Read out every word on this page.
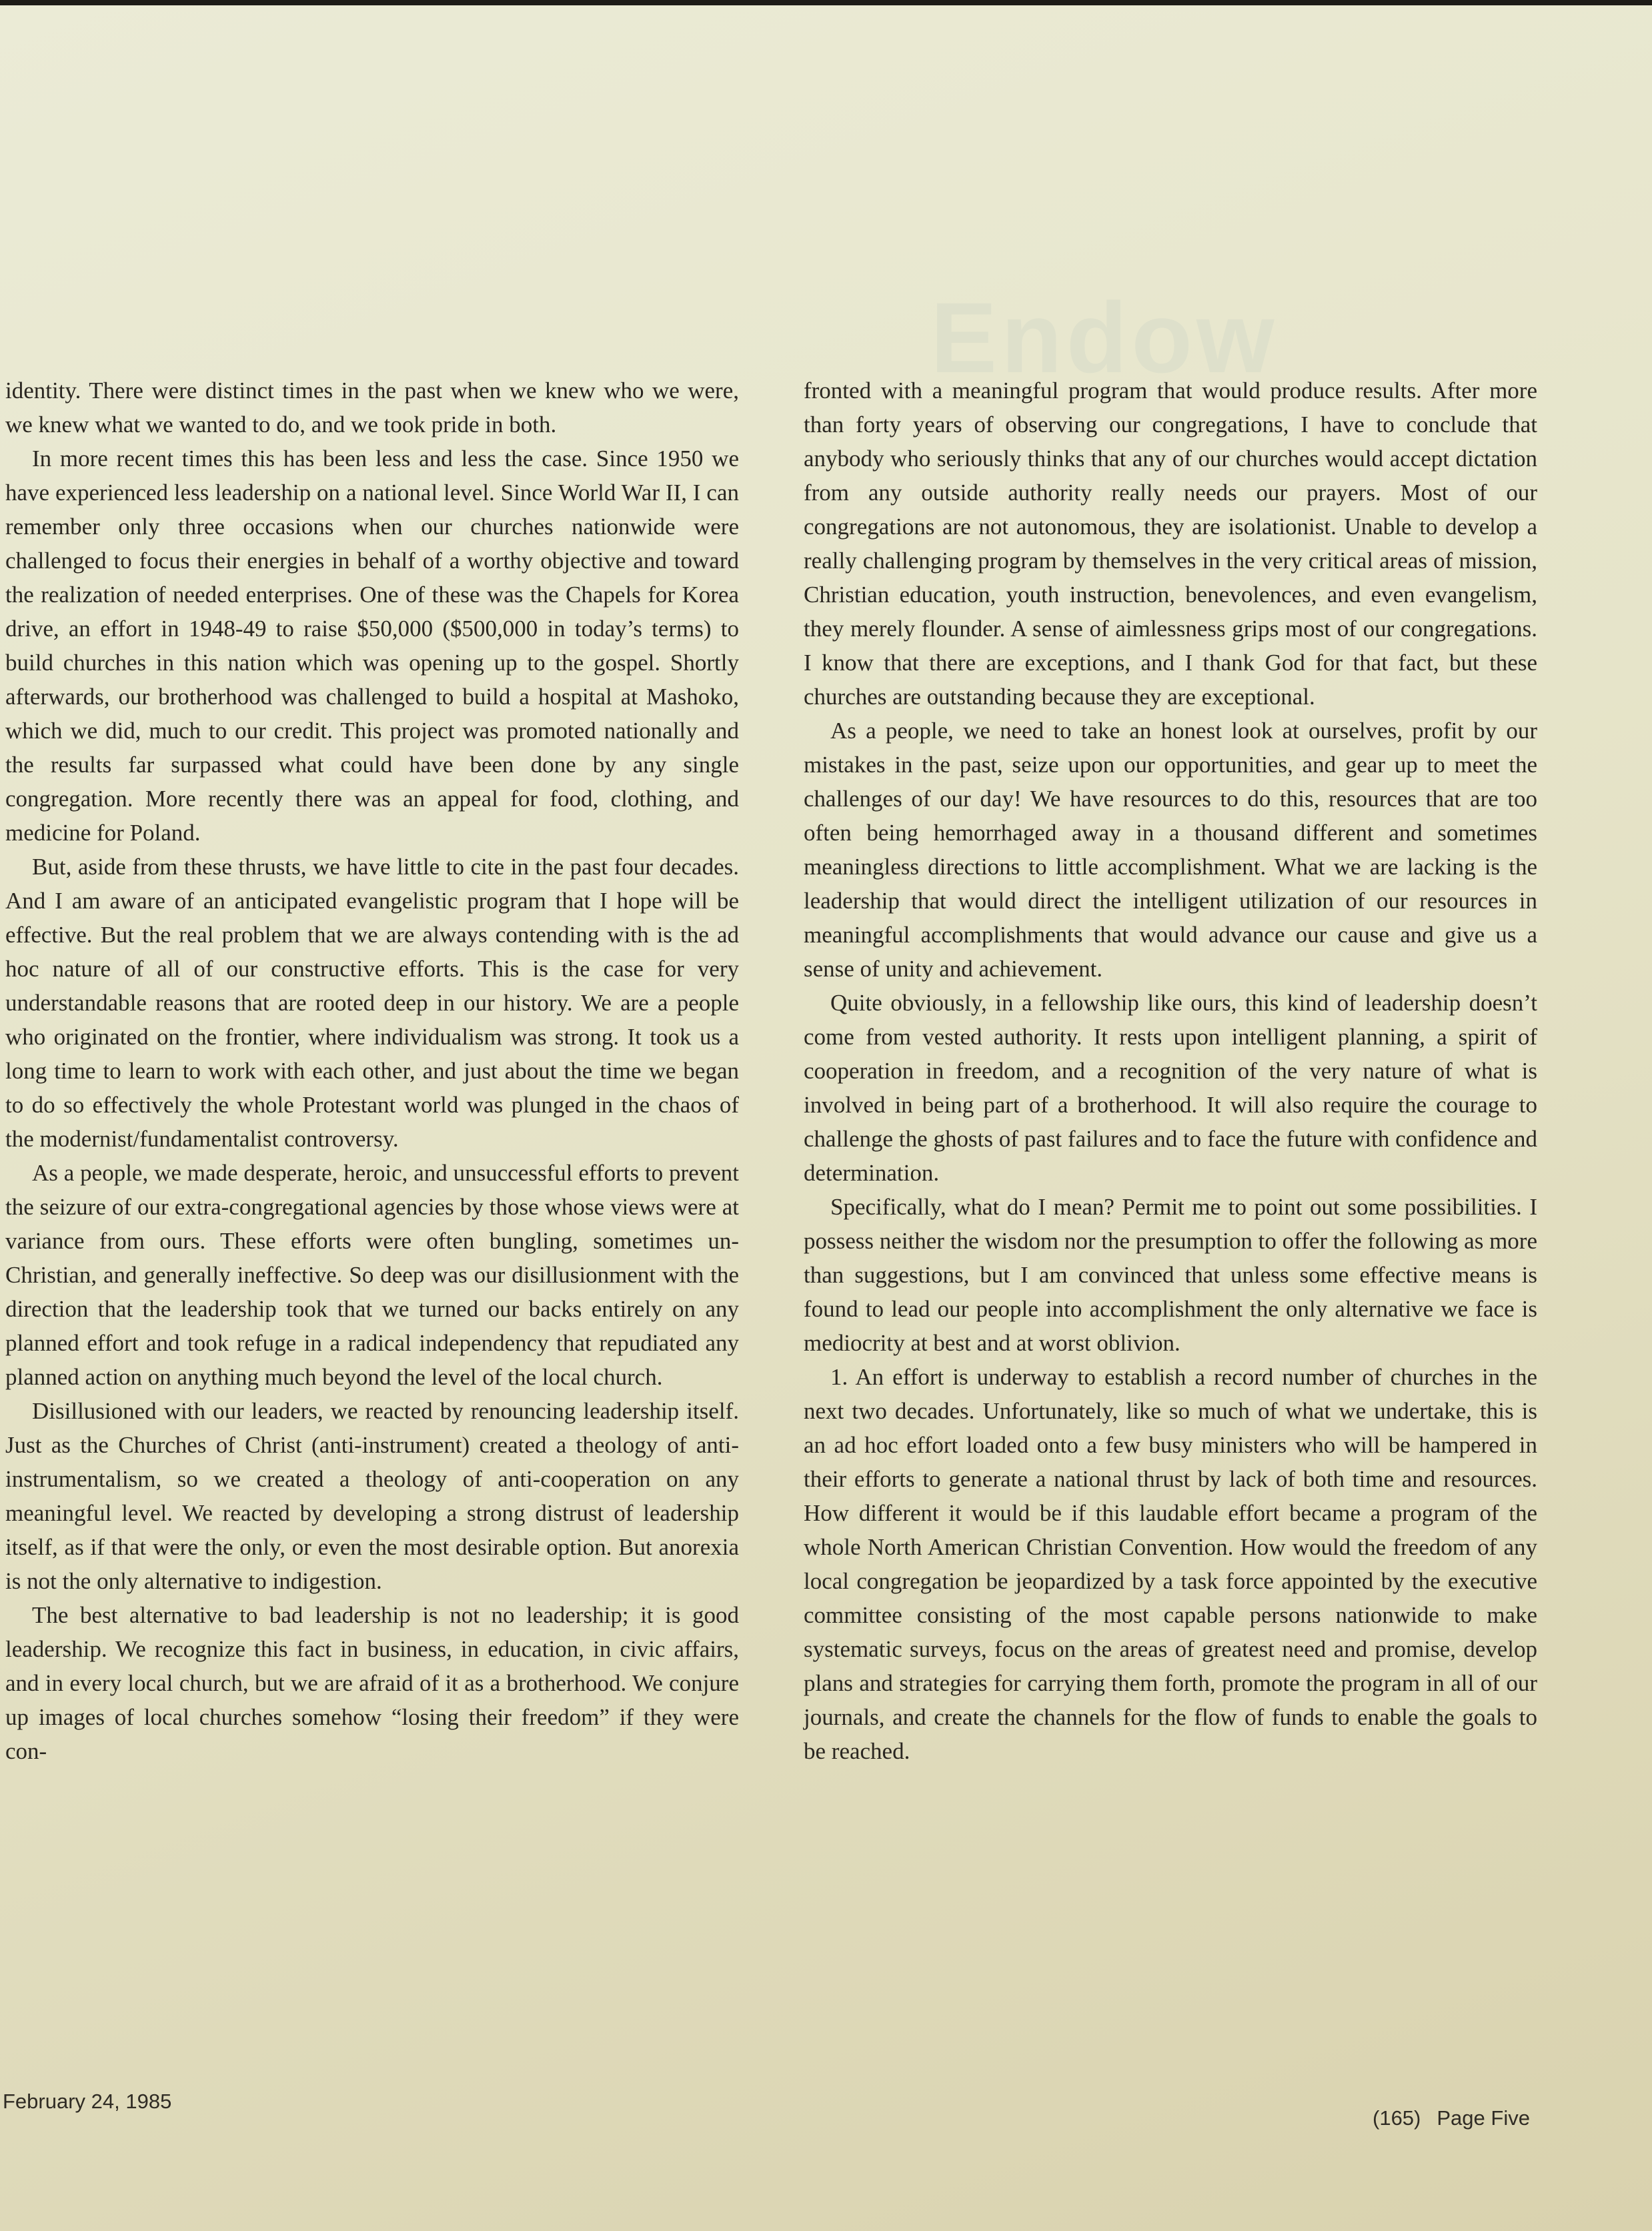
Endow

identity. There were distinct times in the past when we knew who we were, we knew what we wanted to do, and we took pride in both.

In more recent times this has been less and less the case. Since 1950 we have experienced less leadership on a national level. Since World War II, I can remember only three occasions when our churches nationwide were challenged to focus their energies in behalf of a worthy objective and toward the realization of needed enterprises. One of these was the Chapels for Korea drive, an effort in 1948-49 to raise $50,000 ($500,000 in today’s terms) to build churches in this nation which was opening up to the gospel. Shortly afterwards, our brotherhood was challenged to build a hospital at Mashoko, which we did, much to our credit. This project was promoted nationally and the results far surpassed what could have been done by any single congregation. More recently there was an appeal for food, clothing, and medicine for Poland.

But, aside from these thrusts, we have little to cite in the past four decades. And I am aware of an anticipated evangelistic program that I hope will be effective. But the real problem that we are always contending with is the ad hoc nature of all of our constructive efforts. This is the case for very understandable reasons that are rooted deep in our history. We are a people who originated on the frontier, where individualism was strong. It took us a long time to learn to work with each other, and just about the time we began to do so effectively the whole Protestant world was plunged in the chaos of the modernist/fundamentalist controversy.

As a people, we made desperate, heroic, and unsuccessful efforts to prevent the seizure of our extra-congregational agencies by those whose views were at variance from ours. These efforts were often bungling, sometimes un-Christian, and generally ineffective. So deep was our disillusionment with the direction that the leadership took that we turned our backs entirely on any planned effort and took refuge in a radical independency that repudiated any planned action on anything much beyond the level of the local church.

Disillusioned with our leaders, we reacted by renouncing leadership itself. Just as the Churches of Christ (anti-instrument) created a theology of anti-instrumentalism, so we created a theology of anti-cooperation on any meaningful level. We reacted by developing a strong distrust of leadership itself, as if that were the only, or even the most desirable option. But anorexia is not the only alternative to indigestion.

The best alternative to bad leadership is not no leadership; it is good leadership. We recognize this fact in business, in education, in civic affairs, and in every local church, but we are afraid of it as a brotherhood. We conjure up images of local churches somehow “losing their freedom” if they were con-

fronted with a meaningful program that would produce results. After more than forty years of observing our congregations, I have to conclude that anybody who seriously thinks that any of our churches would accept dictation from any outside authority really needs our prayers. Most of our congregations are not autonomous, they are isolationist. Unable to develop a really challenging program by themselves in the very critical areas of mission, Christian education, youth instruction, benevolences, and even evangelism, they merely flounder. A sense of aimlessness grips most of our congregations. I know that there are exceptions, and I thank God for that fact, but these churches are outstanding because they are exceptional.

As a people, we need to take an honest look at ourselves, profit by our mistakes in the past, seize upon our opportunities, and gear up to meet the challenges of our day! We have resources to do this, resources that are too often being hemorrhaged away in a thousand different and sometimes meaningless directions to little accomplishment. What we are lacking is the leadership that would direct the intelligent utilization of our resources in meaningful accomplishments that would advance our cause and give us a sense of unity and achievement.

Quite obviously, in a fellowship like ours, this kind of leadership doesn’t come from vested authority. It rests upon intelligent planning, a spirit of cooperation in freedom, and a recognition of the very nature of what is involved in being part of a brotherhood. It will also require the courage to challenge the ghosts of past failures and to face the future with confidence and determination.

Specifically, what do I mean? Permit me to point out some possibilities. I possess neither the wisdom nor the presumption to offer the following as more than suggestions, but I am convinced that unless some effective means is found to lead our people into accomplishment the only alternative we face is mediocrity at best and at worst oblivion.

1. An effort is underway to establish a record number of churches in the next two decades. Unfortunately, like so much of what we undertake, this is an ad hoc effort loaded onto a few busy ministers who will be hampered in their efforts to generate a national thrust by lack of both time and resources. How different it would be if this laudable effort became a program of the whole North American Christian Convention. How would the freedom of any local congregation be jeopardized by a task force appointed by the executive committee consisting of the most capable persons nationwide to make systematic surveys, focus on the areas of greatest need and promise, develop plans and strategies for carrying them forth, promote the program in all of our journals, and create the channels for the flow of funds to enable the goals to be reached.

February 24, 1985
(165) Page Five
